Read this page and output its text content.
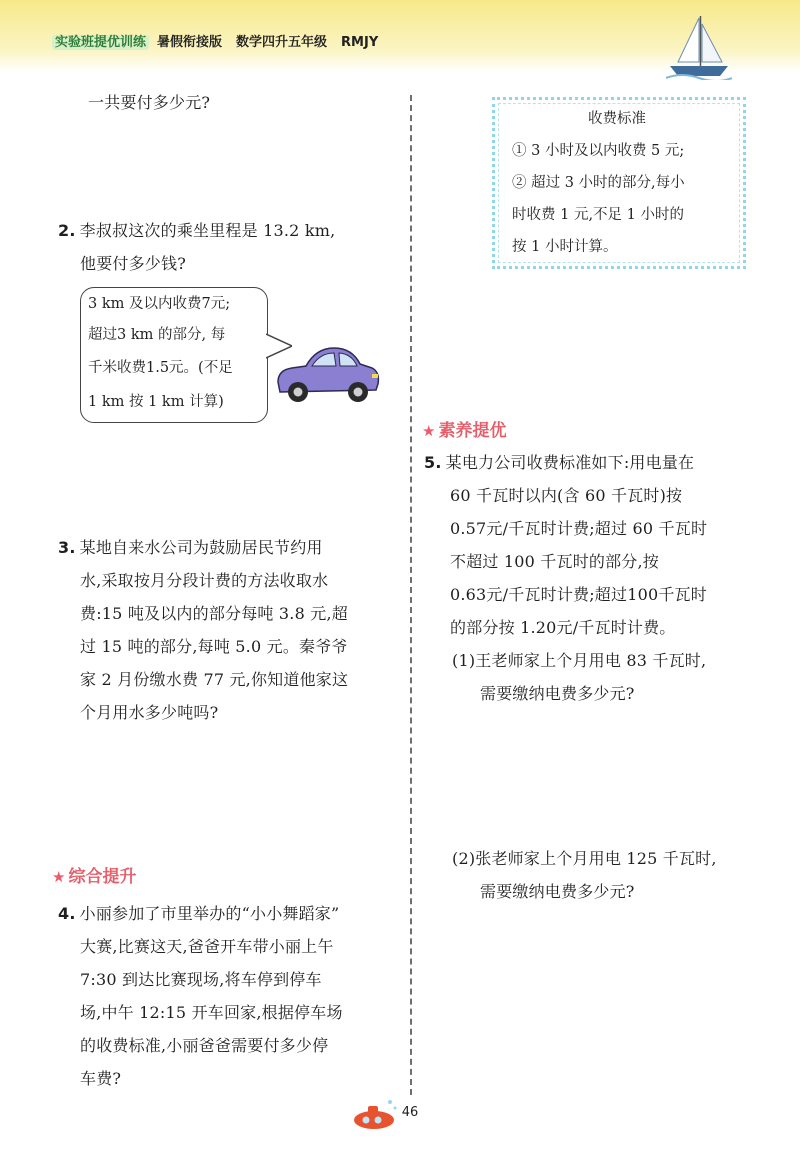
实验班提优训练 暑假衔接版 数学四升五年级 RMJY
一共要付多少元?
2. 李叔叔这次的乘坐里程是 13.2 km,
他要付多少钱?
3 km 及以内收费7元;
超过3 km 的部分, 每
千米收费1.5元。(不足
1 km 按 1 km 计算)
3. 某地自来水公司为鼓励居民节约用
水,采取按月分段计费的方法收取水
费:15 吨及以内的部分每吨 3.8 元,超
过 15 吨的部分,每吨 5.0 元。秦爷爷
家 2 月份缴水费 77 元,你知道他家这
个月用水多少吨吗?
★ 综合提升
4. 小丽参加了市里举办的“小小舞蹈家”
大赛,比赛这天,爸爸开车带小丽上午
7:30 到达比赛现场,将车停到停车
场,中午 12:15 开车回家,根据停车场
的收费标准,小丽爸爸需要付多少停
车费?
收费标准
① 3 小时及以内收费 5 元;
② 超过 3 小时的部分,每小
时收费 1 元,不足 1 小时的
按 1 小时计算。
★ 素养提优
5. 某电力公司收费标准如下:用电量在
60 千瓦时以内(含 60 千瓦时)按
0.57元/千瓦时计费;超过 60 千瓦时
不超过 100 千瓦时的部分,按
0.63元/千瓦时计费;超过100千瓦时
的部分按 1.20元/千瓦时计费。
(1)王老师家上个月用电 83 千瓦时,
需要缴纳电费多少元?
(2)张老师家上个月用电 125 千瓦时,
需要缴纳电费多少元?
46
